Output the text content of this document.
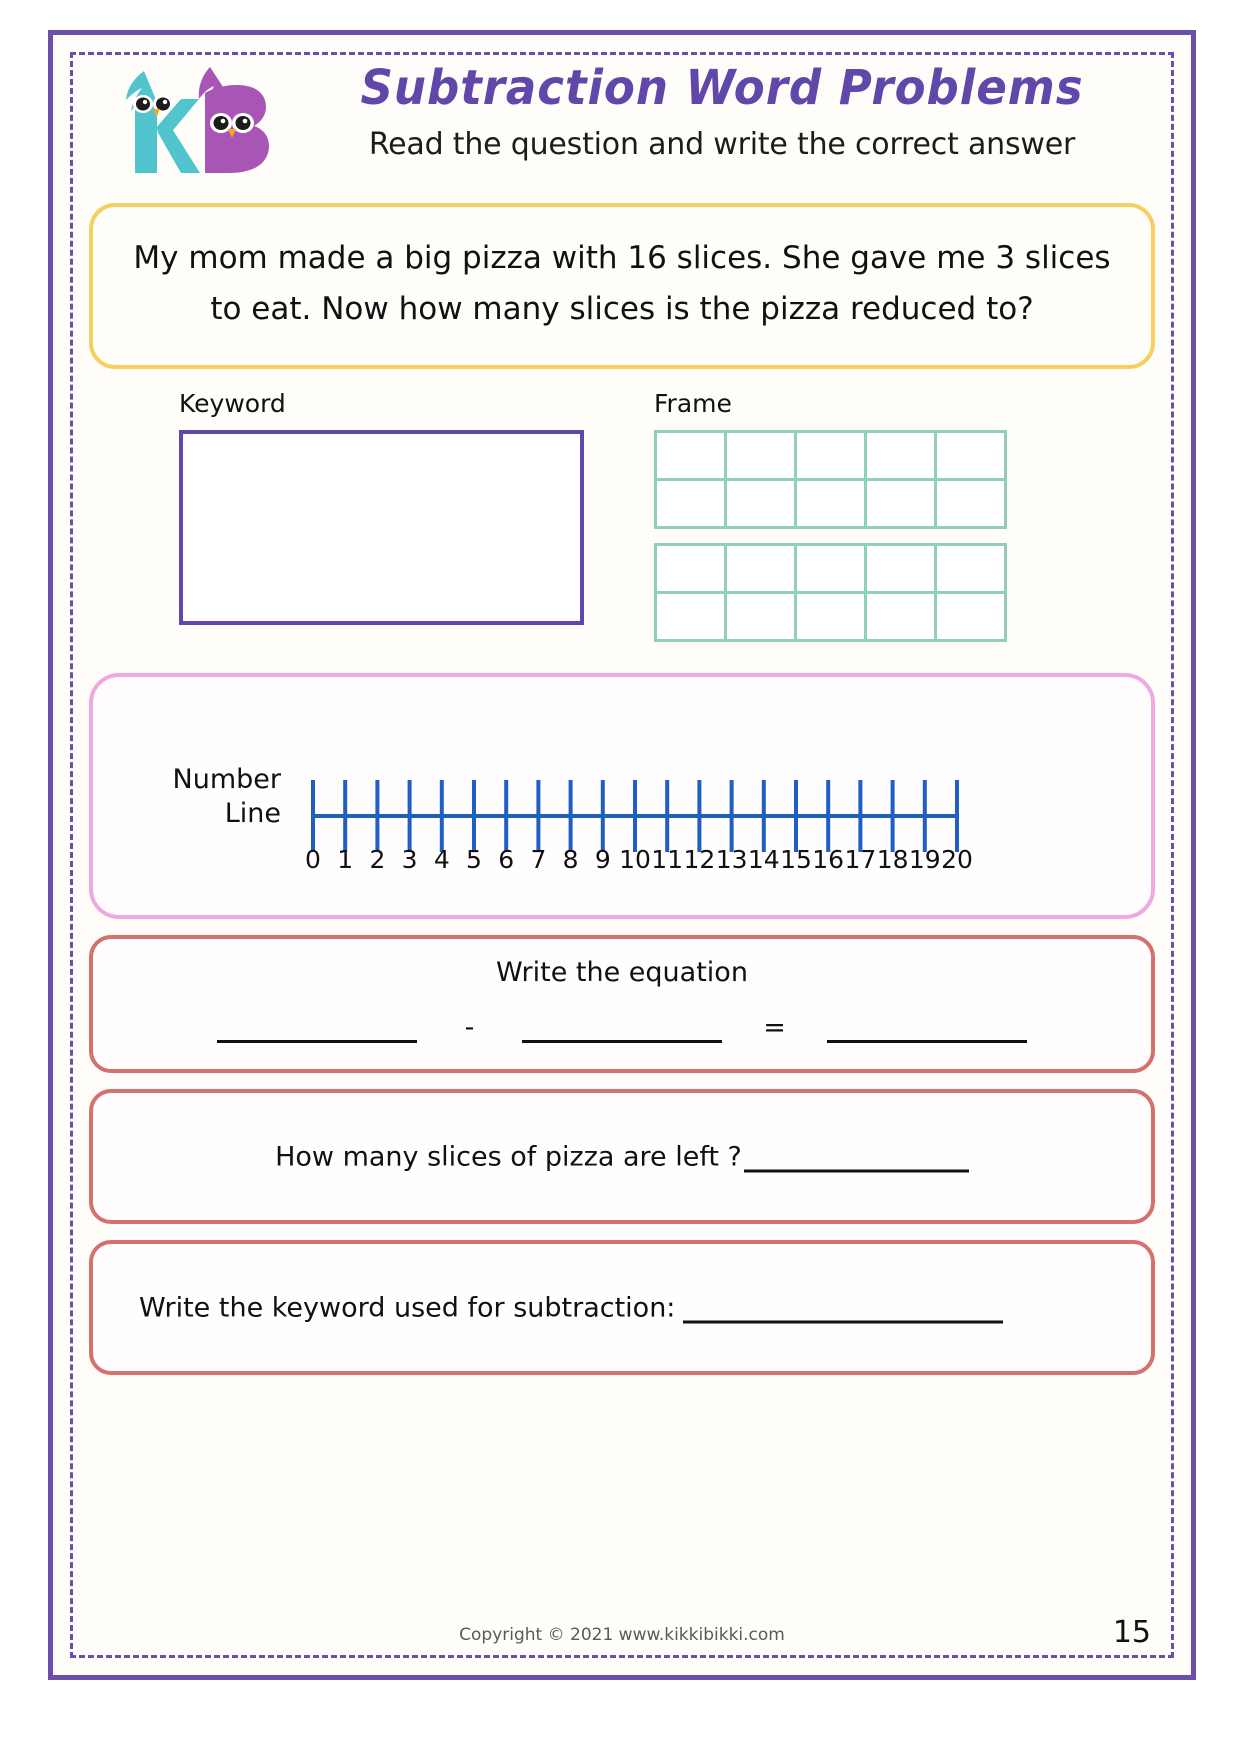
Subtraction Word Problems
Read the question and write the correct answer
My mom made a big pizza with 16 slices. She gave me 3 slices to eat. Now how many slices is the pizza reduced to?
Keyword	Frame

Number
Line
0 1 2 3 4 5 6 7 8 9 10 11 12 13 14 15 16 17 18 19 20
Write the equation
-	=
How many slices of pizza are left ?
Write the keyword used for subtraction:
Copyright © 2021 www.kikkibikki.com	15
